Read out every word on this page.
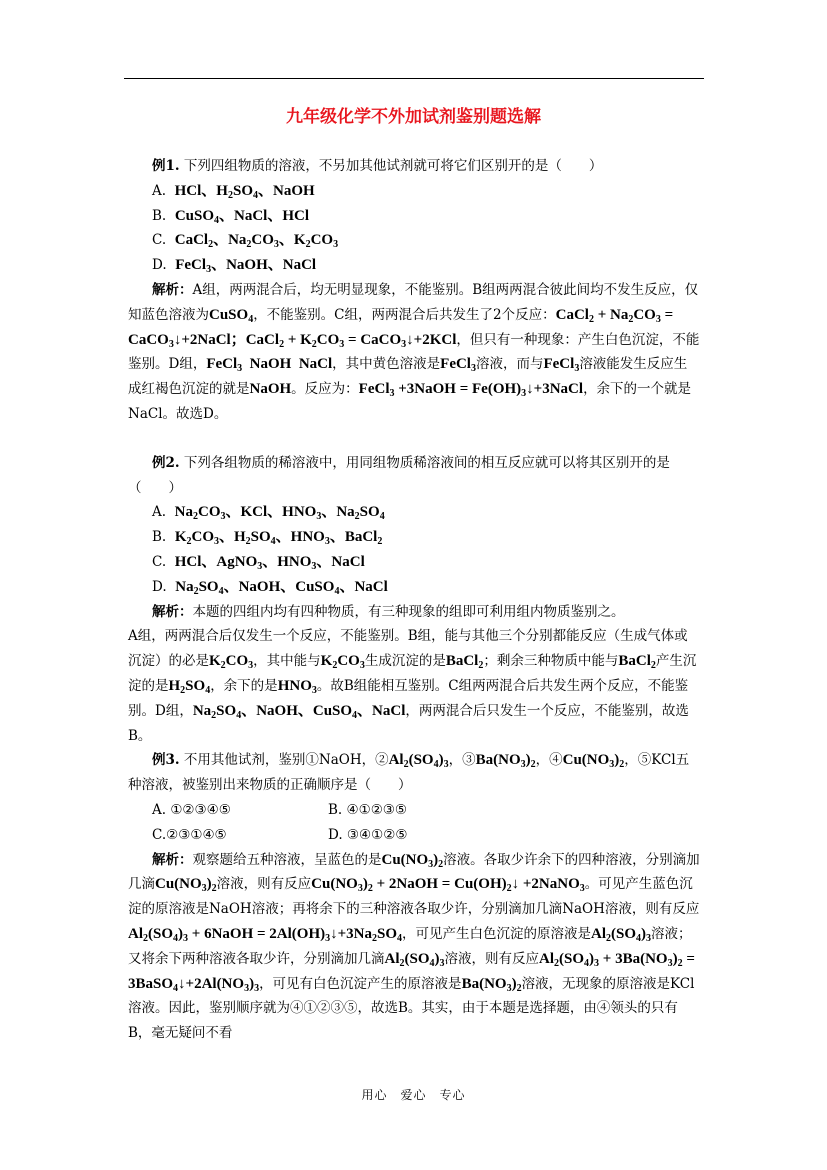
九年级化学不外加试剂鉴别题选解

例1. 下列四组物质的溶液，不另加其他试剂就可将它们区别开的是（　　）

A. HCl、$H_2SO_4$、NaOH

B. CuSO$_4$、NaCl、HCl

C. CaCl$_2$、$Na_2CO_3$、$K_2CO_3$

D. FeCl$_3$、NaOH、NaCl

解析：A组，两两混合后，均无明显现象，不能鉴别。B组两两混合彼此间均不发生反应，仅知蓝色溶液为CuSO$_4$，不能鉴别。C组，两两混合后共发生了2个反应：CaCl$_2$ + $Na_2CO_3$ = CaCO$_3$↓+2NaCl；CaCl$_2$ + $K_2CO_3$ = CaCO$_3$↓+2KCl，但只有一种现象：产生白色沉淀，不能鉴别。D组，FeCl$_3$  NaOH  NaCl，其中黄色溶液是FeCl$_3$溶液，而与FeCl$_3$溶液能发生反应生成红褐色沉淀的就是NaOH。反应为：FeCl$_3$ +3NaOH = $Fe(OH)_3↓+3NaCl$，余下的一个就是NaCl。故选D。

例2. 下列各组物质的稀溶液中，用同组物质稀溶液间的相互反应就可以将其区别开的是（　　）

A. $Na_2CO_3$、KCl、$HNO_3$、$Na_2SO_4$

B. $K_2CO_3$、$H_2SO_4$、$HNO_3$、BaCl$_2$

C. HCl、AgNO$_3$、$HNO_3$、NaCl

D. $Na_2SO_4$、NaOH、CuSO$_4$、NaCl

解析：本题的四组内均有四种物质，有三种现象的组即可利用组内物质鉴别之。

A组，两两混合后仅发生一个反应，不能鉴别。B组，能与其他三个分别都能反应（生成气体或沉淀）的必是$K_2CO_3$，其中能与$K_2CO_3$生成沉淀的是BaCl$_2$；剩余三种物质中能与BaCl$_2$产生沉淀的是$H_2SO_4$，余下的是$HNO_3$。故B组能相互鉴别。C组两两混合后共发生两个反应，不能鉴别。D组，$Na_2SO_4$、NaOH、CuSO$_4$、NaCl，两两混合后只发生一个反应，不能鉴别，故选B。

例3. 不用其他试剂，鉴别①NaOH，$②Al_2(SO_4)_3$，$③Ba(NO_3)_2$，$④Cu(NO_3)_2$，⑤KCl五种溶液，被鉴别出来物质的正确顺序是（　　）

A. ①②③④⑤	B. ④①②③⑤

C.②③①④⑤	D. ③④①②⑤

解析：观察题给五种溶液，呈蓝色的是$Cu(NO_3)_2$溶液。各取少许余下的四种溶液，分别滴加几滴$Cu(NO_3)_2$溶液，则有反应$Cu(NO_3)_2$ + 2NaOH = $Cu(OH)_2↓$ +2NaNO$_3$。可见产生蓝色沉淀的原溶液是NaOH溶液；再将余下的三种溶液各取少许，分别滴加几滴NaOH溶液，则有反应$Al_2(SO_4)_3$ + 6NaOH = $2Al(OH)_3↓+3Na_2SO_4$，可见产生白色沉淀的原溶液是$Al_2(SO_4)_3$溶液；又将余下两种溶液各取少许，分别滴加几滴$Al_2(SO_4)_3$溶液，则有反应$Al_2(SO_4)_3 + 3Ba(NO_3)_2$ = $3BaSO_4↓+2Al(NO_3)_3$，可见有白色沉淀产生的原溶液是$Ba(NO_3)_2$溶液，无现象的原溶液是KCl溶液。因此，鉴别顺序就为④①②③⑤，故选B。其实，由于本题是选择题，由④领头的只有B，毫无疑问不看

用心　爱心　专心
